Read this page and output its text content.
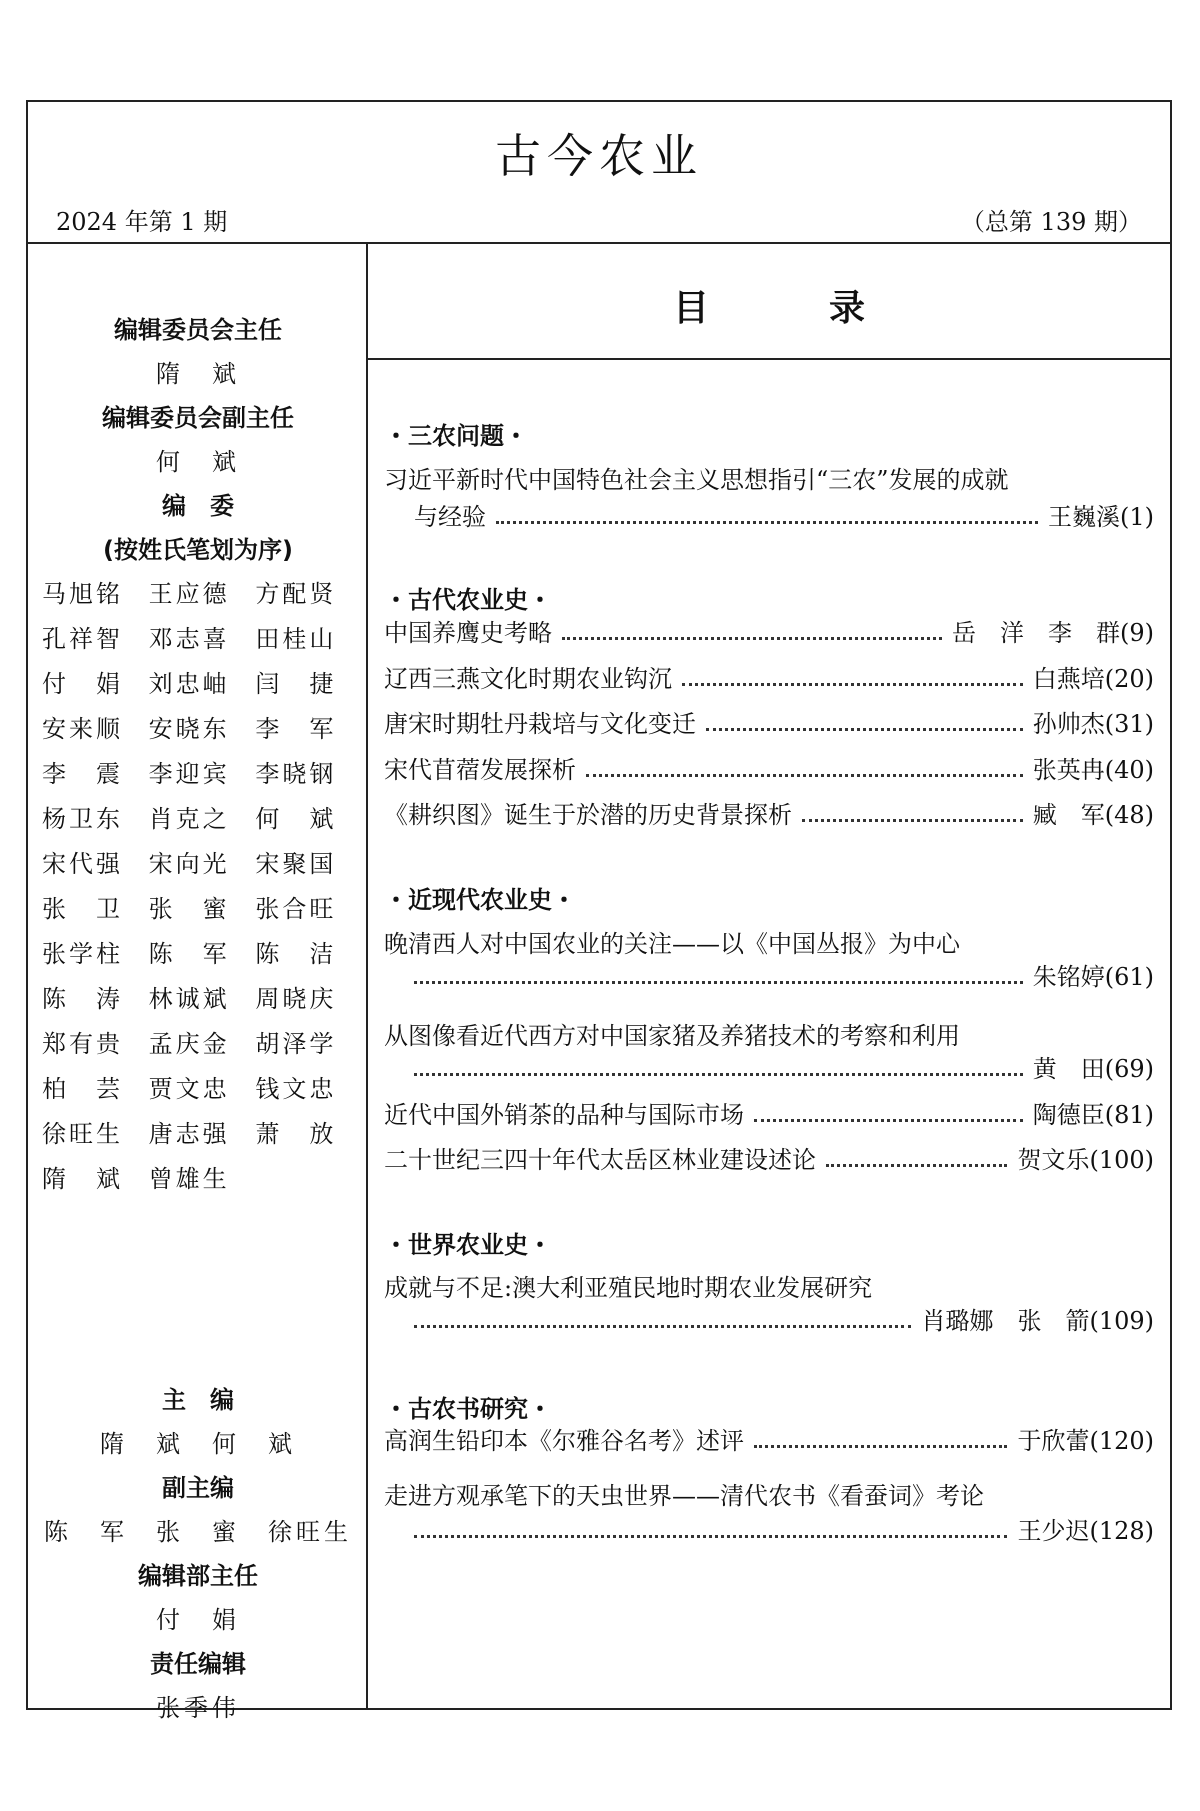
古今农业
2024 年第 1 期	（总第 139 期）
编辑委员会主任
隋　斌
编辑委员会副主任
何　斌
编　委
(按姓氏笔划为序)
马旭铭	王应德	方配贤
孔祥智	邓志喜	田桂山
付　娟	刘忠岫	闫　捷
安来顺	安晓东	李　军
李　震	李迎宾	李晓钢
杨卫东	肖克之	何　斌
宋代强	宋向光	宋聚国
张　卫	张　蜜	张合旺
张学柱	陈　军	陈　洁
陈　涛	林诚斌	周晓庆
郑有贵	孟庆金	胡泽学
柏　芸	贾文忠	钱文忠
徐旺生	唐志强	萧　放
隋　斌	曾雄生
主　编
隋　斌　何　斌
副主编
陈　军　张　蜜　徐旺生
编辑部主任
付　娟
责任编辑
张季伟
目	录
・三农问题・
习近平新时代中国特色社会主义思想指引“三农”发展的成就
与经验	王巍溪(1)
・古代农业史・
中国养鹰史考略	岳　洋　李　群(9)
辽西三燕文化时期农业钩沉	白燕培(20)
唐宋时期牡丹栽培与文化变迁	孙帅杰(31)
宋代苜蓿发展探析	张英冉(40)
《耕织图》诞生于於潜的历史背景探析	臧　军(48)
・近现代农业史・
晚清西人对中国农业的关注——以《中国丛报》为中心
朱铭婷(61)
从图像看近代西方对中国家猪及养猪技术的考察和利用
黄　田(69)
近代中国外销茶的品种与国际市场	陶德臣(81)
二十世纪三四十年代太岳区林业建设述论	贺文乐(100)
・世界农业史・
成就与不足:澳大利亚殖民地时期农业发展研究
肖璐娜　张　箭(109)
・古农书研究・
高润生铅印本《尔雅谷名考》述评	于欣蕾(120)
走进方观承笔下的天虫世界——清代农书《看蚕词》考论
王少迟(128)
